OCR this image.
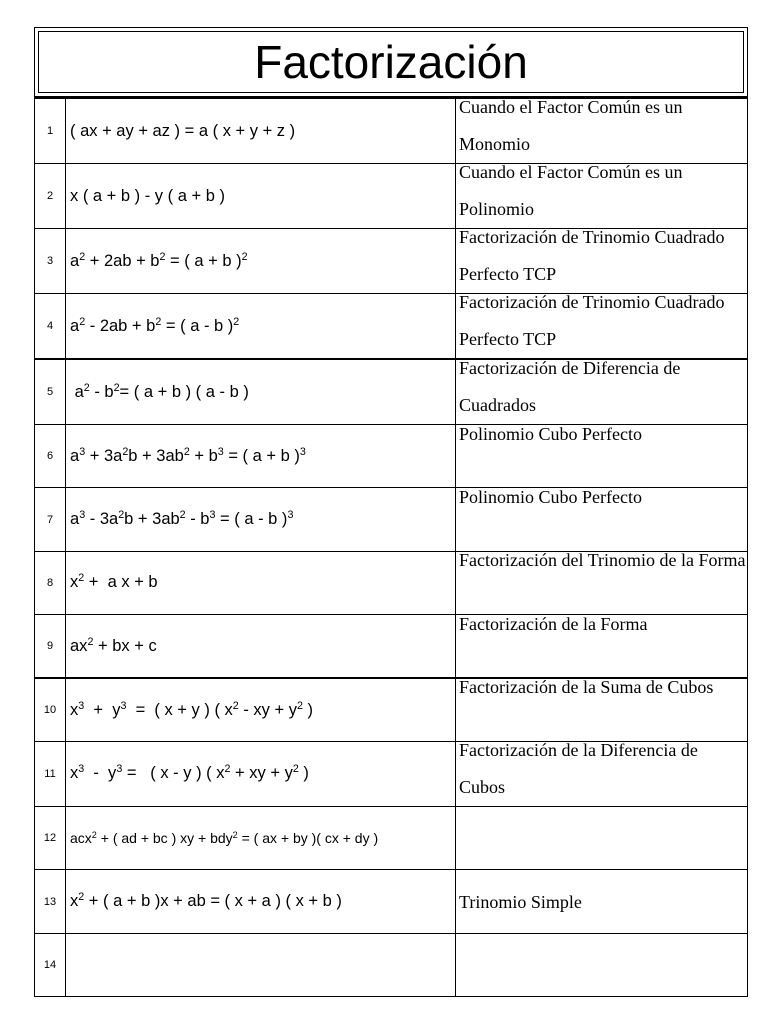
Factorización
1	( ax + ay + az ) = a ( x + y + z )	Cuando el Factor Común es un Monomio

2	x ( a + b ) - y ( a + b )	Cuando el Factor Común es un Polinomio

3	$a^2 + 2ab + b^2$ = ( a + b )$^2$	Factorización de Trinomio Cuadrado Perfecto TCP

4	$a^2 - 2ab + b^2$ = ( a - b )$^2$	Factorización de Trinomio Cuadrado Perfecto TCP

5	$a^2 - b^2=$ ( a + b ) ( a - b )	Factorización de Diferencia de Cuadrados

6	$a^3 + 3a^2b + 3ab^2 + b^3$ = ( a + b )$^3$	Polinomio Cubo Perfecto

7	$a^3 - 3a^2b + 3ab^2 - b^3$ = ( a - b )$^3$	Polinomio Cubo Perfecto

8	$x^2 + a$ x + b	Factorización del Trinomio de la Forma

9	$ax^2$ + bx + c	Factorización de la Forma

10	$x^3 + y^3$  =  ( x + y ) ( $x^2$ - xy + $y^2$ )	Factorización de la Suma de Cubos

11	$x^3 - y^3$ =   ( x - y ) ( $x^2$ + xy + $y^2$ )	Factorización de la Diferencia de Cubos

12	acx$^2$ + ( ad + bc ) xy + bdy$^2$ = ( ax + by )( cx + dy )	

13	$x^2$ + ( a + b )x + ab = ( x + a ) ( x + b )	Trinomio Simple

14		
